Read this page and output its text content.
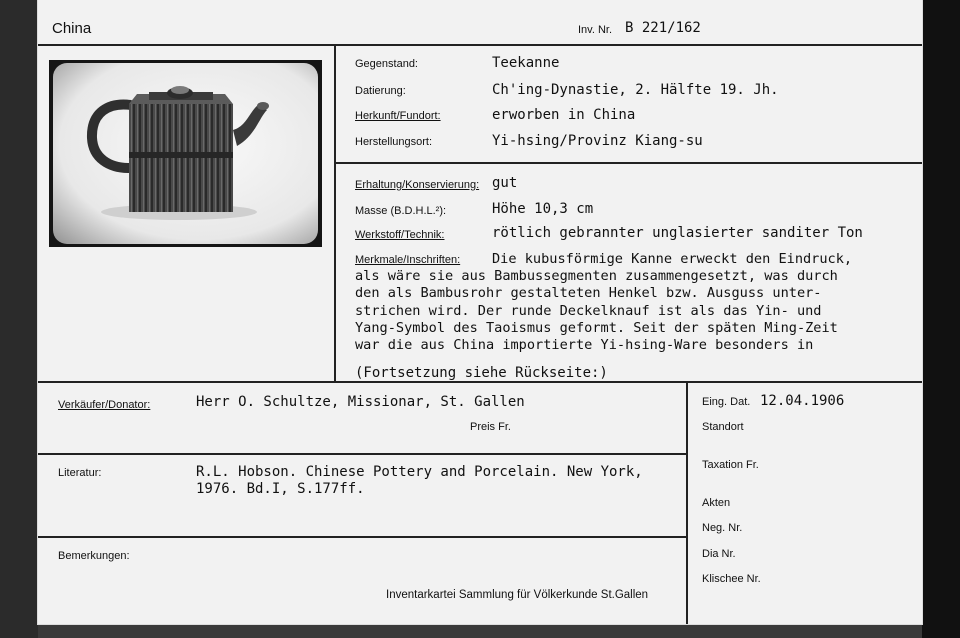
China	Inv. Nr. B 221/162
Gegenstand:	Teekanne
Datierung:	Ch'ing-Dynastie, 2. Hälfte 19. Jh.
Herkunft/Fundort:	erworben in China
Herstellungsort:	Yi-hsing/Provinz Kiang-su
Erhaltung/Konservierung: gut
Masse (B.D.H.L.²):	Höhe 10,3 cm
Werkstoff/Technik:	rötlich gebrannter unglasierter sanditer Ton
Merkmale/Inschriften:	Die kubusförmige Kanne erweckt den Eindruck,
als wäre sie aus Bambussegmenten zusammengesetzt, was durch
den als Bambusrohr gestalteten Henkel bzw. Ausguss unter-
strichen wird. Der runde Deckelknauf ist als das Yin- und
Yang-Symbol des Taoismus geformt. Seit der späten Ming-Zeit
war die aus China importierte Yi-hsing-Ware besonders in
(Fortsetzung siehe Rückseite:)
Verkäufer/Donator:	Herr O. Schultze, Missionar, St. Gallen
Preis Fr.
Literatur:	R.L. Hobson. Chinese Pottery and Porcelain. New York,
1976. Bd.I, S.177ff.
Bemerkungen:
Inventarkartei Sammlung für Völkerkunde St.Gallen
Eing. Dat. 12.04.1906
Standort
Taxation Fr.
Akten
Neg. Nr.
Dia Nr.
Klischee Nr.
